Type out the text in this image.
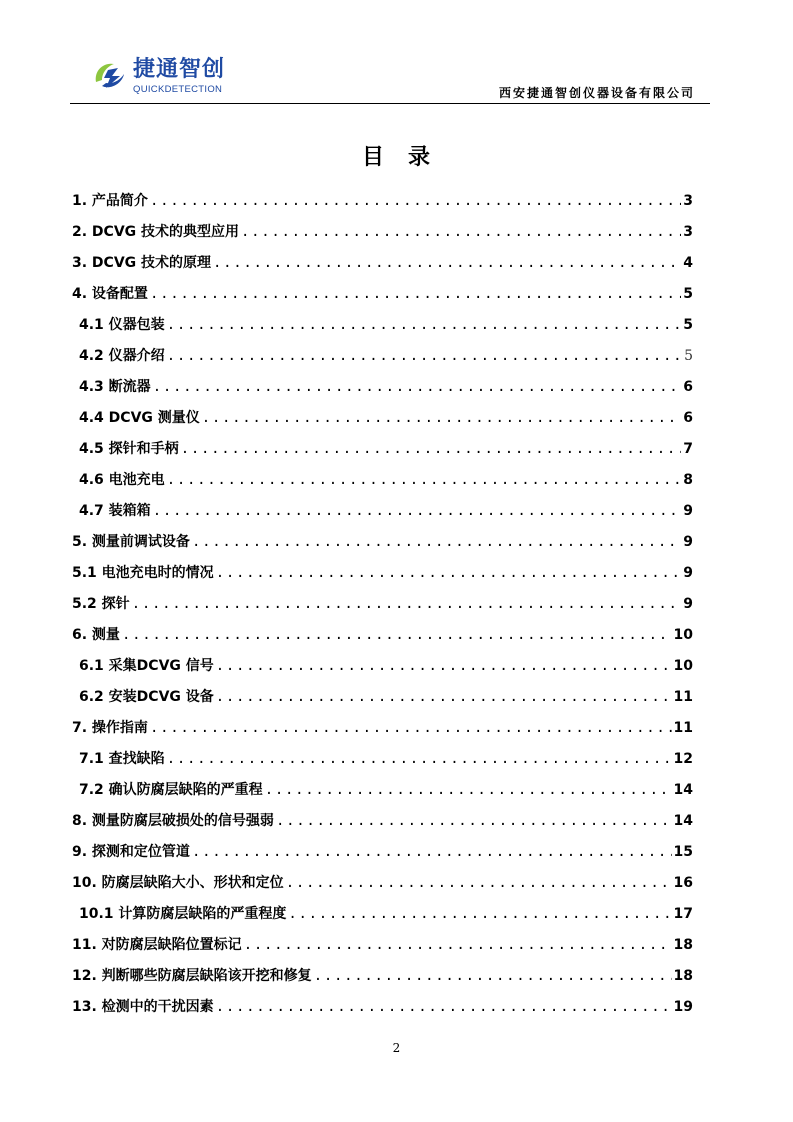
捷通智创
QUICKDETECTION	西安捷通智创仪器设备有限公司
目　录
1. 产品简介 .....	3
2. DCVG 技术的典型应用 .....	3
3. DCVG 技术的原理 .....	4
4. 设备配置 .....	5
4.1 仪器包装 .....	5
4.2 仪器介绍 .....	5
4.3 断流器 .....	6
4.4 DCVG 测量仪 .....	6
4.5 探针和手柄 .....	7
4.6 电池充电 .....	8
4.7 装箱箱 .....	9
5. 测量前调试设备 .....	9
5.1 电池充电时的情况 .....	9
5.2 探针 .....	9
6. 测量 .....	10
6.1 采集DCVG 信号 .....	10
6.2 安装DCVG 设备 .....	11
7. 操作指南 .....	11
7.1 查找缺陷 .....	12
7.2 确认防腐层缺陷的严重程 .....	14
8. 测量防腐层破损处的信号强弱 .....	14
9. 探测和定位管道 .....	15
10. 防腐层缺陷大小、形状和定位 .....	16
10.1 计算防腐层缺陷的严重程度 .....	17
11. 对防腐层缺陷位置标记 .....	18
12. 判断哪些防腐层缺陷该开挖和修复 .....	18
13. 检测中的干扰因素 .....	19
2
